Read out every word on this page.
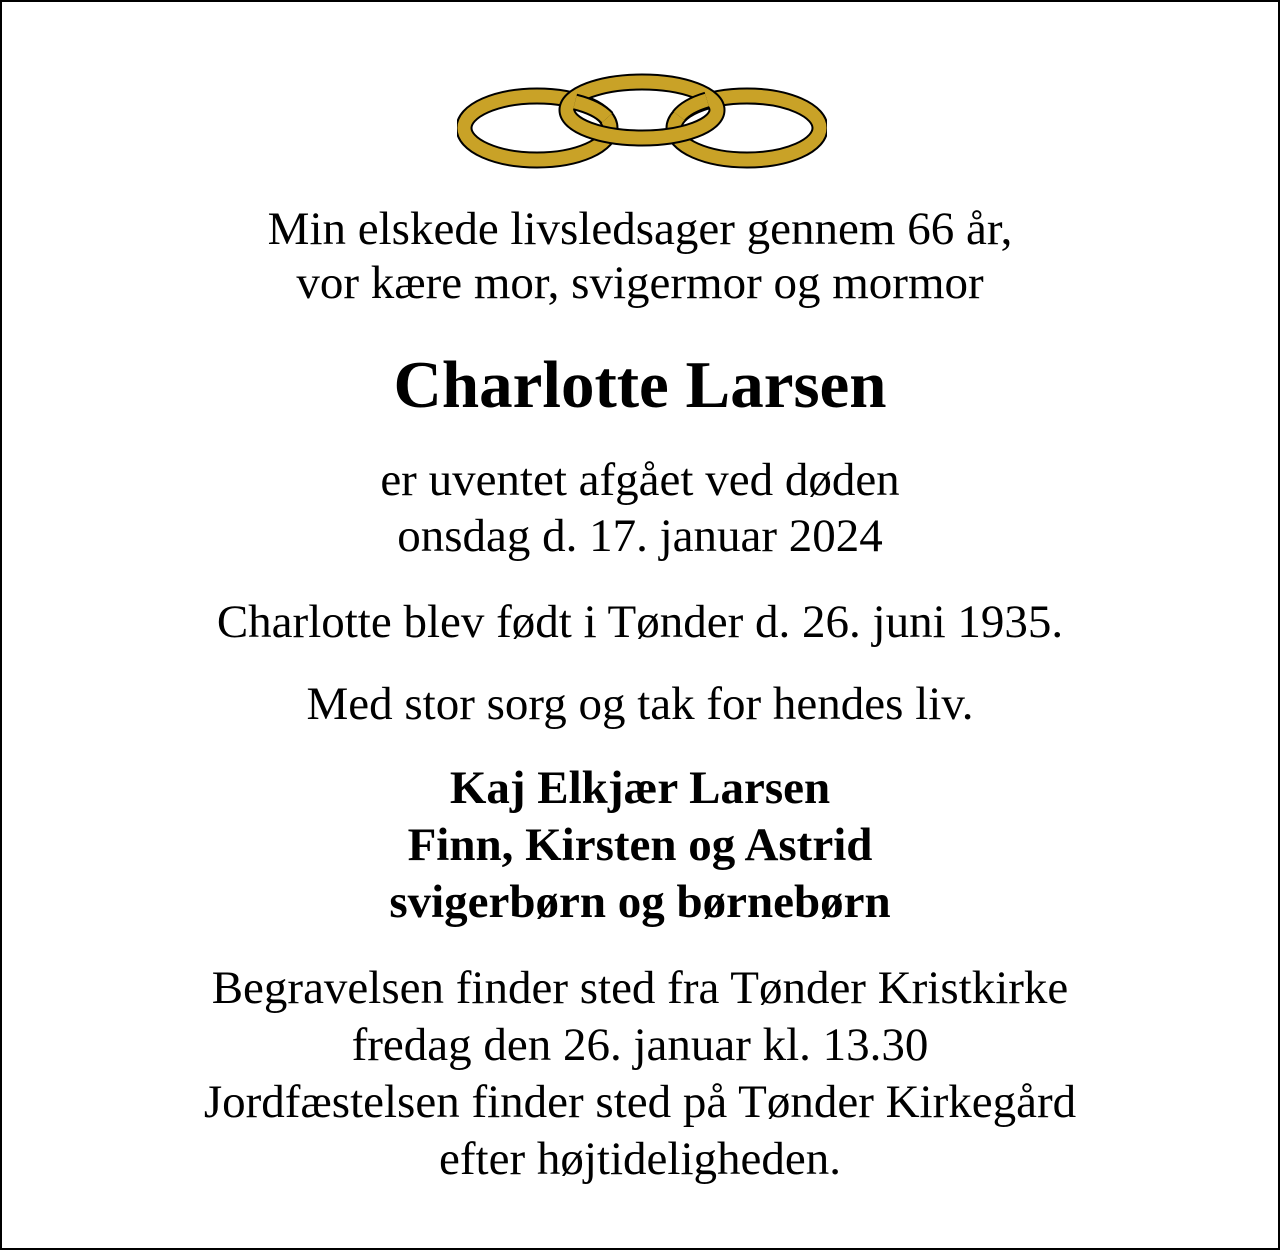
Min elskede livsledsager gennem 66 år,
vor kære mor, svigermor og mormor
Charlotte Larsen
er uventet afgået ved døden
onsdag d. 17. januar 2024
Charlotte blev født i Tønder d. 26. juni 1935.
Med stor sorg og tak for hendes liv.
Kaj Elkjær Larsen
Finn, Kirsten og Astrid
svigerbørn og børnebørn
Begravelsen finder sted fra Tønder Kristkirke
fredag den 26. januar kl. 13.30
Jordfæstelsen finder sted på Tønder Kirkegård
efter højtideligheden.
